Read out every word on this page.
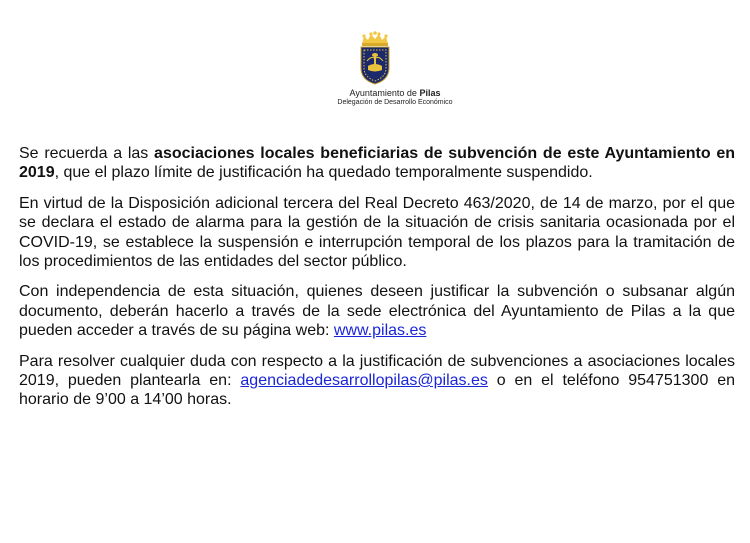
Ayuntamiento de Pilas
Delegación de Desarrollo Económico

Se recuerda a las asociaciones locales beneficiarias de subvención de este Ayuntamiento en 2019, que el plazo límite de justificación ha quedado temporalmente suspendido.

En virtud de la Disposición adicional tercera del Real Decreto 463/2020, de 14 de marzo, por el que se declara el estado de alarma para la gestión de la situación de crisis sanitaria ocasionada por el COVID-19, se establece la suspensión e interrupción temporal de los plazos para la tramitación de los procedimientos de las entidades del sector público.

Con independencia de esta situación, quienes deseen justificar la subvención o subsanar algún documento, deberán hacerlo a través de la sede electrónica del Ayuntamiento de Pilas a la que pueden acceder a través de su página web: www.pilas.es

Para resolver cualquier duda con respecto a la justificación de subvenciones a asociaciones locales 2019, pueden plantearla en: agenciadedesarrollopilas@pilas.es o en el teléfono 954751300 en horario de 9’00 a 14’00 horas.
